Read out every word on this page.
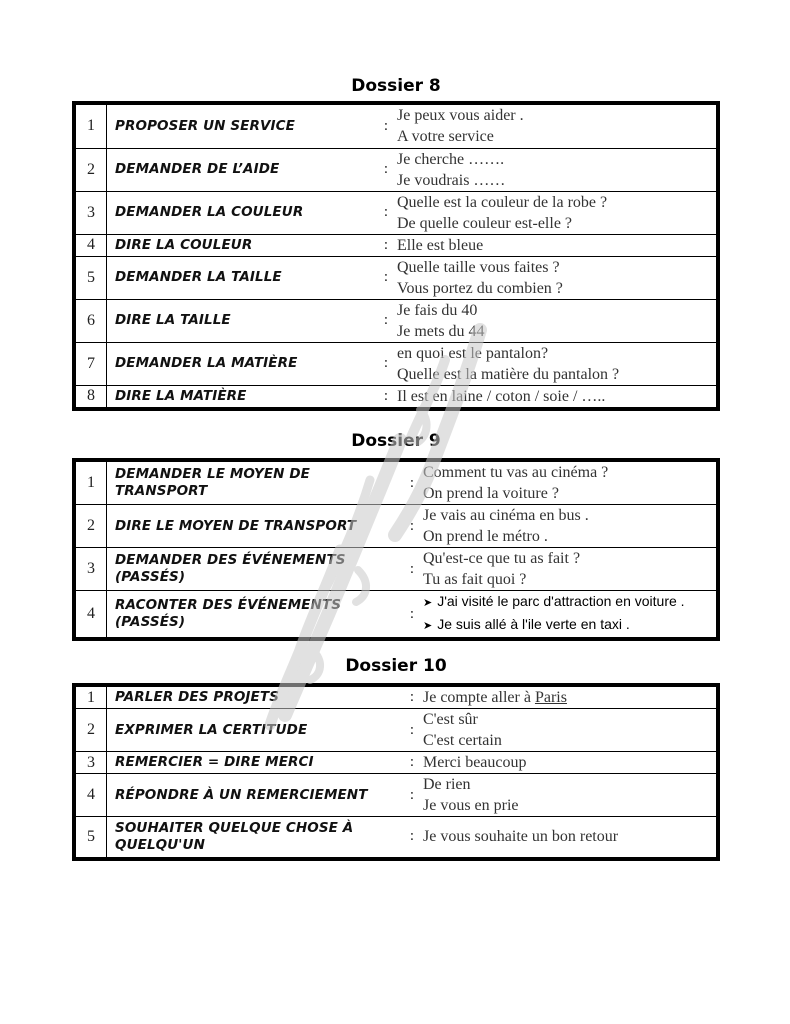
Dossier 8
1	PROPOSER UN SERVICE	:	Je peux vous aider .
A votre service

2	DEMANDER DE L’AIDE	:	Je cherche …….
Je voudrais ……

3	DEMANDER LA COULEUR	:	Quelle est la couleur de la robe ?
De quelle couleur est-elle ?

4	DIRE LA COULEUR	:	Elle est bleue

5	DEMANDER LA TAILLE	:	Quelle taille vous faites ?
Vous portez du combien ?

6	DIRE LA TAILLE	:	Je fais du 40
Je mets du 44

7	DEMANDER LA MATIÈRE	:	en quoi est le pantalon?
Quelle est la matière du pantalon ?

8	DIRE LA MATIÈRE	:	Il est en laine / coton / soie / …..
Dossier 9
1	DEMANDER LE MOYEN DE TRANSPORT	:	Comment tu vas au cinéma ?
On prend la voiture ?

2	DIRE LE MOYEN DE TRANSPORT	:	Je vais au cinéma en bus .
On prend le métro .

3	DEMANDER DES ÉVÉNEMENTS (PASSÉS)	:	Qu'est-ce que tu as fait ?
Tu as fait quoi ?

4	RACONTER DES ÉVÉNEMENTS (PASSÉS)	:	➤ J'ai visité le parc d'attraction en voiture .
➤ Je suis allé à l'ile verte en taxi .
Dossier 10
1	PARLER DES PROJETS	:	Je compte aller à Paris

2	EXPRIMER LA CERTITUDE	:	C'est sûr
C'est certain

3	REMERCIER = DIRE MERCI	:	Merci beaucoup

4	RÉPONDRE À UN REMERCIEMENT	:	De rien
Je vous en prie

5	SOUHAITER QUELQUE CHOSE À QUELQU'UN	:	Je vous souhaite un bon retour
